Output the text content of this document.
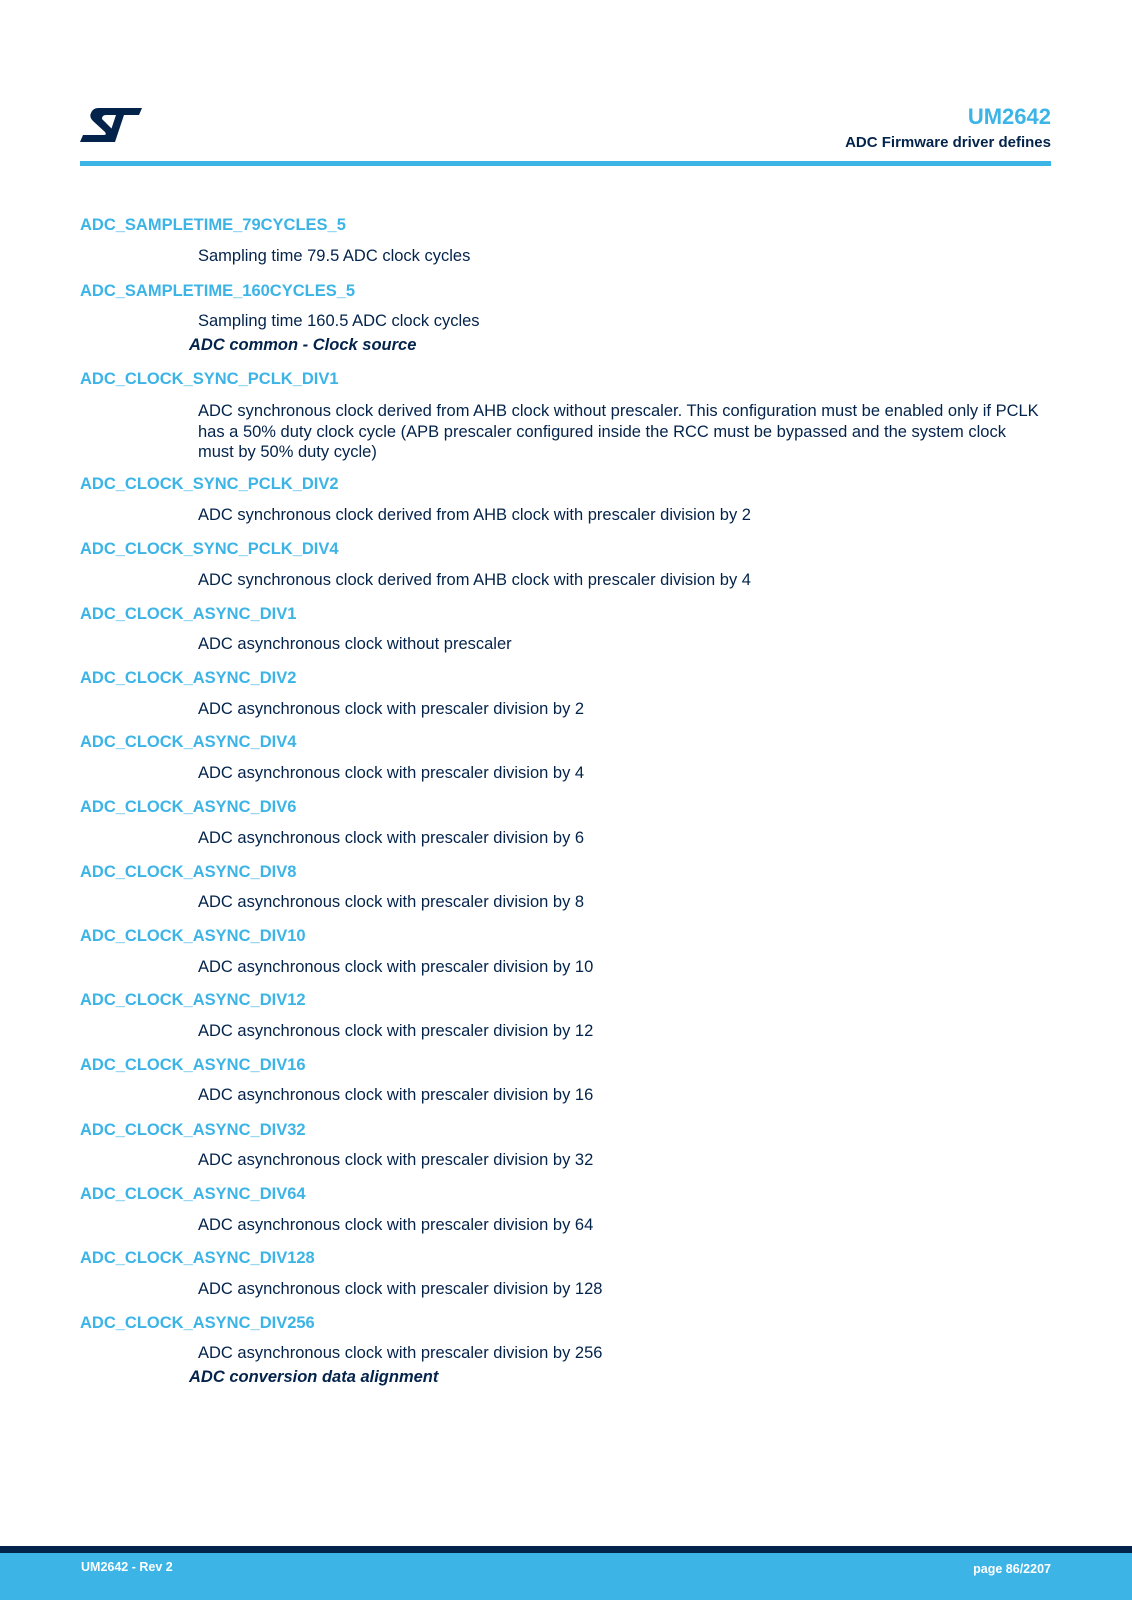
UM2642
ADC Firmware driver defines
ADC_SAMPLETIME_79CYCLES_5
Sampling time 79.5 ADC clock cycles
ADC_SAMPLETIME_160CYCLES_5
Sampling time 160.5 ADC clock cycles
ADC common - Clock source
ADC_CLOCK_SYNC_PCLK_DIV1
ADC synchronous clock derived from AHB clock without prescaler. This configuration must be enabled only if PCLK has a 50% duty clock cycle (APB prescaler configured inside the RCC must be bypassed and the system clock must by 50% duty cycle)
ADC_CLOCK_SYNC_PCLK_DIV2
ADC synchronous clock derived from AHB clock with prescaler division by 2
ADC_CLOCK_SYNC_PCLK_DIV4
ADC synchronous clock derived from AHB clock with prescaler division by 4
ADC_CLOCK_ASYNC_DIV1
ADC asynchronous clock without prescaler
ADC_CLOCK_ASYNC_DIV2
ADC asynchronous clock with prescaler division by 2
ADC_CLOCK_ASYNC_DIV4
ADC asynchronous clock with prescaler division by 4
ADC_CLOCK_ASYNC_DIV6
ADC asynchronous clock with prescaler division by 6
ADC_CLOCK_ASYNC_DIV8
ADC asynchronous clock with prescaler division by 8
ADC_CLOCK_ASYNC_DIV10
ADC asynchronous clock with prescaler division by 10
ADC_CLOCK_ASYNC_DIV12
ADC asynchronous clock with prescaler division by 12
ADC_CLOCK_ASYNC_DIV16
ADC asynchronous clock with prescaler division by 16
ADC_CLOCK_ASYNC_DIV32
ADC asynchronous clock with prescaler division by 32
ADC_CLOCK_ASYNC_DIV64
ADC asynchronous clock with prescaler division by 64
ADC_CLOCK_ASYNC_DIV128
ADC asynchronous clock with prescaler division by 128
ADC_CLOCK_ASYNC_DIV256
ADC asynchronous clock with prescaler division by 256
ADC conversion data alignment
UM2642 - Rev 2	page 86/2207
